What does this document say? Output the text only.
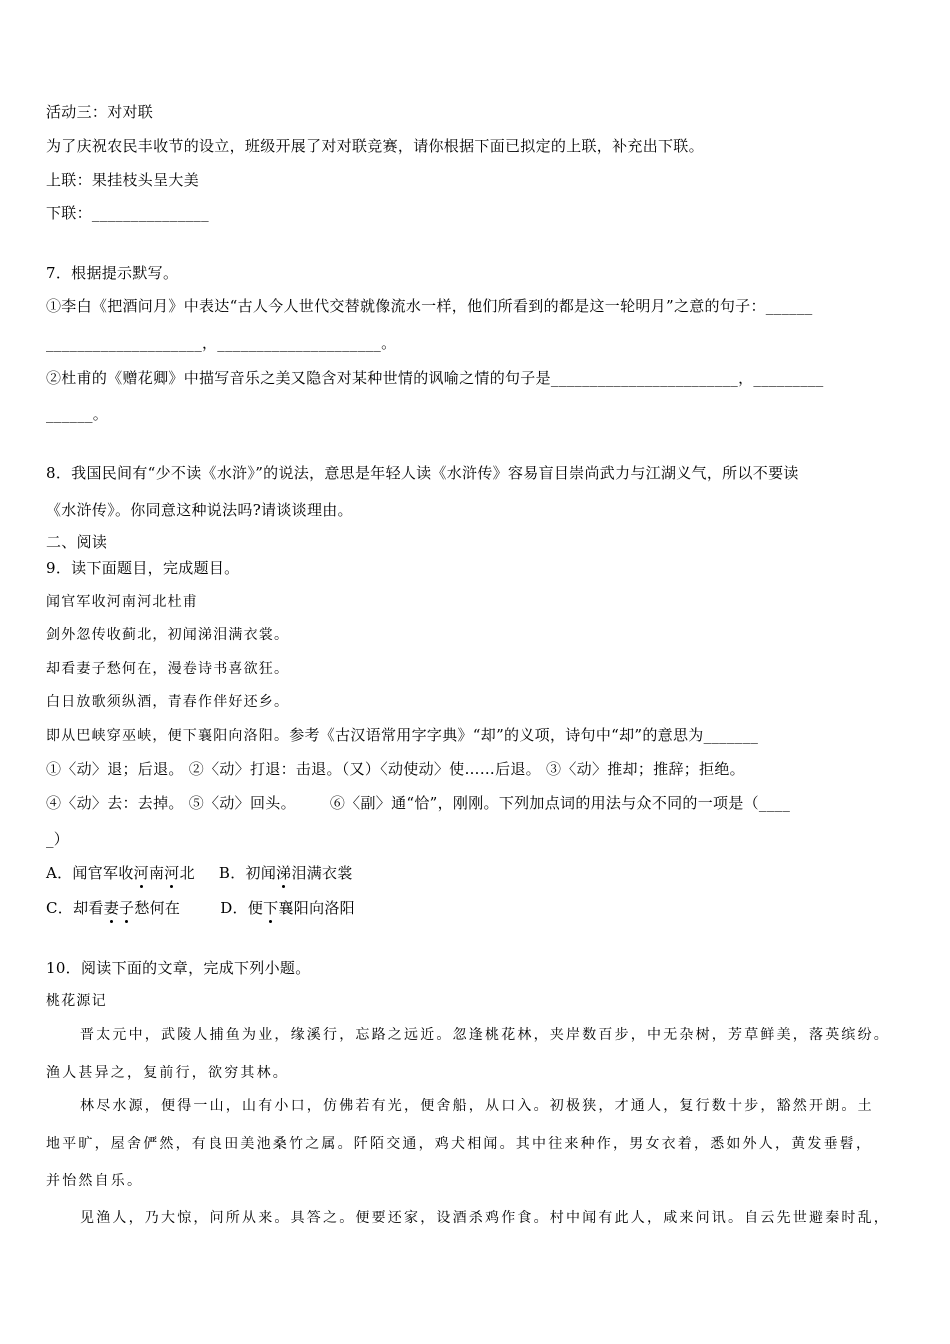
活动三：对对联
为了庆祝农民丰收节的设立，班级开展了对对联竞赛，请你根据下面已拟定的上联，补充出下联。
上联：果挂枝头呈大美
下联：_______________
7．根据提示默写。
①李白《把酒问月》中表达“古人今人世代交替就像流水一样，他们所看到的都是这一轮明月”之意的句子：______
____________________，_____________________。
②杜甫的《赠花卿》中描写音乐之美又隐含对某种世情的讽喻之情的句子是________________________，_________
______。
8．我国民间有“少不读《水浒》”的说法，意思是年轻人读《水浒传》容易盲目崇尚武力与江湖义气，所以不要读
《水浒传》。你同意这种说法吗?请谈谈理由。
二、阅读
9．读下面题目，完成题目。
闻官军收河南河北杜甫
剑外忽传收蓟北，初闻涕泪满衣裳。
却看妻子愁何在，漫卷诗书喜欲狂。
白日放歌须纵酒，青春作伴好还乡。
即从巴峡穿巫峡，便下襄阳向洛阳。参考《古汉语常用字字典》“却”的义项，诗句中“却”的意思为_______
①〈动〉退；后退。 ②〈动〉打退：击退。（又）〈动使动〉使……后退。 ③〈动〉推却；推辞；拒绝。
④〈动〉去：去掉。 ⑤〈动〉回头。 ⑥〈副〉通“恰”，刚刚。下列加点词的用法与众不同的一项是（____
_）
A．闻官军收河南河北 B．初闻涕泪满衣裳
C．却看妻子愁何在	D．便下襄阳向洛阳
10．阅读下面的文章，完成下列小题。
桃花源记
晋太元中，武陵人捕鱼为业，缘溪行，忘路之远近。忽逢桃花林，夹岸数百步，中无杂树，芳草鲜美，落英缤纷。
渔人甚异之，复前行，欲穷其林。
林尽水源，便得一山，山有小口，仿佛若有光，便舍船，从口入。初极狭，才通人，复行数十步，豁然开朗。土
地平旷，屋舍俨然，有良田美池桑竹之属。阡陌交通，鸡犬相闻。其中往来种作，男女衣着，悉如外人，黄发垂髫，
并怡然自乐。
见渔人，乃大惊，问所从来。具答之。便要还家，设酒杀鸡作食。村中闻有此人，咸来问讯。自云先世避秦时乱，
